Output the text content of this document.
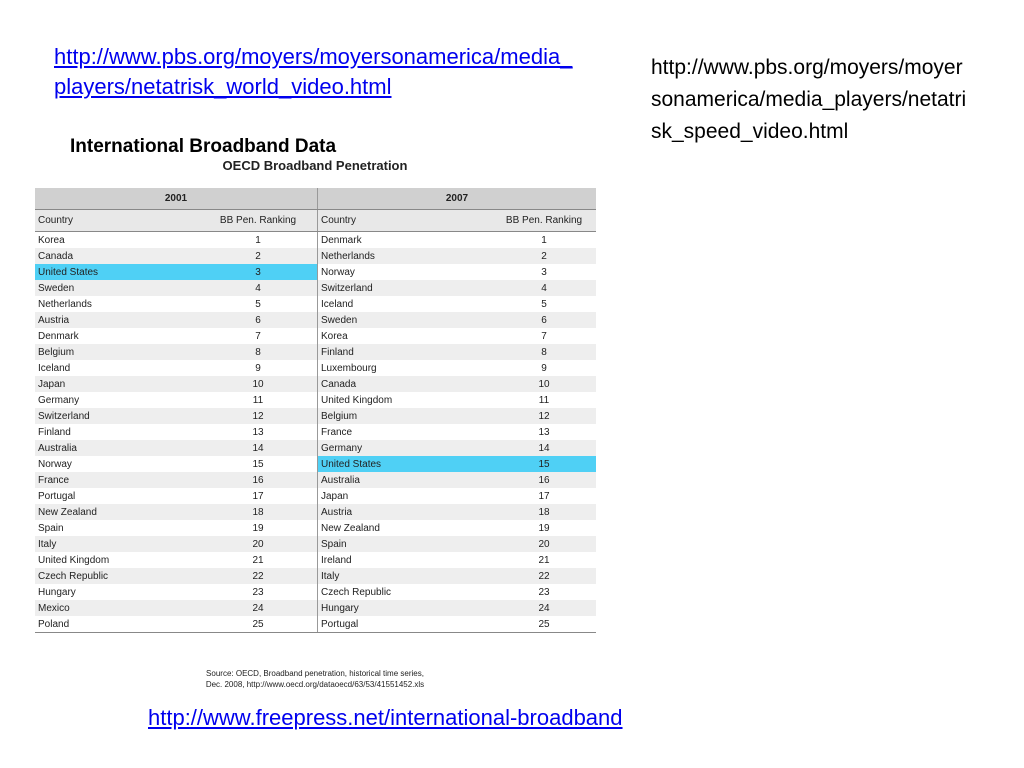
http://www.pbs.org/moyers/moyersonamerica/media_players/netatrisk_world_video.html
http://www.pbs.org/moyers/moyersonamerica/media_players/netatrisk_speed_video.html
International Broadband Data
OECD Broadband Penetration
2001		2007	
Country	BB Pen. Ranking	Country	BB Pen. Ranking
Korea	1	Denmark	1
Canada	2	Netherlands	2
United States	3	Norway	3
Sweden	4	Switzerland	4
Netherlands	5	Iceland	5
Austria	6	Sweden	6
Denmark	7	Korea	7
Belgium	8	Finland	8
Iceland	9	Luxembourg	9
Japan	10	Canada	10
Germany	11	United Kingdom	11
Switzerland	12	Belgium	12
Finland	13	France	13
Australia	14	Germany	14
Norway	15	United States	15
France	16	Australia	16
Portugal	17	Japan	17
New Zealand	18	Austria	18
Spain	19	New Zealand	19
Italy	20	Spain	20
United Kingdom	21	Ireland	21
Czech Republic	22	Italy	22
Hungary	23	Czech Republic	23
Mexico	24	Hungary	24
Poland	25	Portugal	25
Source: OECD, Broadband penetration, historical time series,
Dec. 2008, http://www.oecd.org/dataoecd/63/53/41551452.xls
http://www.freepress.net/international-broadband
